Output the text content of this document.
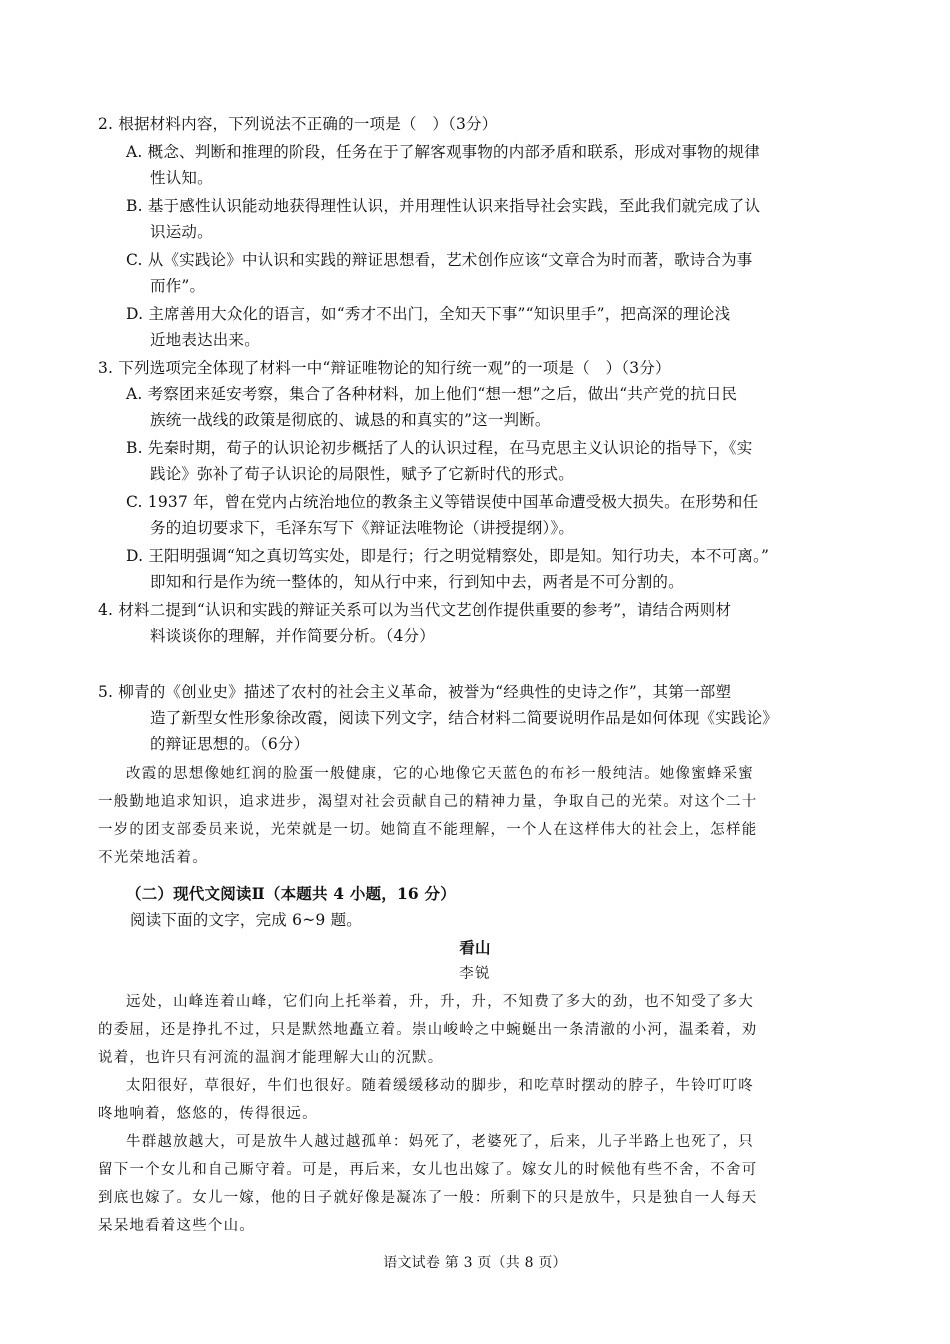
2. 根据材料内容，下列说法不正确的一项是（　）（3分）
A. 概念、判断和推理的阶段，任务在于了解客观事物的内部矛盾和联系，形成对事物的规律
性认知。
B. 基于感性认识能动地获得理性认识，并用理性认识来指导社会实践，至此我们就完成了认
识运动。
C. 从《实践论》中认识和实践的辩证思想看，艺术创作应该“文章合为时而著，歌诗合为事
而作”。
D. 主席善用大众化的语言，如“秀才不出门，全知天下事”“知识里手”，把高深的理论浅
近地表达出来。
3. 下列选项完全体现了材料一中“辩证唯物论的知行统一观”的一项是（　）（3分）
A. 考察团来延安考察，集合了各种材料，加上他们“想一想”之后，做出“共产党的抗日民
族统一战线的政策是彻底的、诚恳的和真实的”这一判断。
B. 先秦时期，荀子的认识论初步概括了人的认识过程，在马克思主义认识论的指导下，《实
践论》弥补了荀子认识论的局限性，赋予了它新时代的形式。
C. 1937 年，曾在党内占统治地位的教条主义等错误使中国革命遭受极大损失。在形势和任
务的迫切要求下，毛泽东写下《辩证法唯物论（讲授提纲）》。
D. 王阳明强调“知之真切笃实处，即是行；行之明觉精察处，即是知。知行功夫，本不可离。”
即知和行是作为统一整体的，知从行中来，行到知中去，两者是不可分割的。
4. 材料二提到“认识和实践的辩证关系可以为当代文艺创作提供重要的参考”，请结合两则材
料谈谈你的理解，并作简要分析。（4分）
5. 柳青的《创业史》描述了农村的社会主义革命，被誉为“经典性的史诗之作”，其第一部塑
造了新型女性形象徐改霞，阅读下列文字，结合材料二简要说明作品是如何体现《实践论》
的辩证思想的。（6分）
改霞的思想像她红润的脸蛋一般健康，它的心地像它天蓝色的布衫一般纯洁。她像蜜蜂采蜜
一般勤地追求知识，追求进步，渴望对社会贡献自己的精神力量，争取自己的光荣。对这个二十
一岁的团支部委员来说，光荣就是一切。她简直不能理解，一个人在这样伟大的社会上，怎样能
不光荣地活着。
（二）现代文阅读Ⅱ（本题共 4 小题，16 分）
阅读下面的文字，完成 6~9 题。
看山
李锐
远处，山峰连着山峰，它们向上托举着，升，升，升，不知费了多大的劲，也不知受了多大
的委屈，还是挣扎不过，只是默然地矗立着。崇山峻岭之中蜿蜒出一条清澈的小河，温柔着，劝
说着，也许只有河流的温润才能理解大山的沉默。
太阳很好，草很好，牛们也很好。随着缓缓移动的脚步，和吃草时摆动的脖子，牛铃叮叮咚
咚地响着，悠悠的，传得很远。
牛群越放越大，可是放牛人越过越孤单：妈死了，老婆死了，后来，儿子半路上也死了，只
留下一个女儿和自己厮守着。可是，再后来，女儿也出嫁了。嫁女儿的时候他有些不舍，不舍可
到底也嫁了。女儿一嫁，他的日子就好像是凝冻了一般：所剩下的只是放牛，只是独自一人每天
呆呆地看着这些个山。
语文试卷 第 3 页（共 8 页）
